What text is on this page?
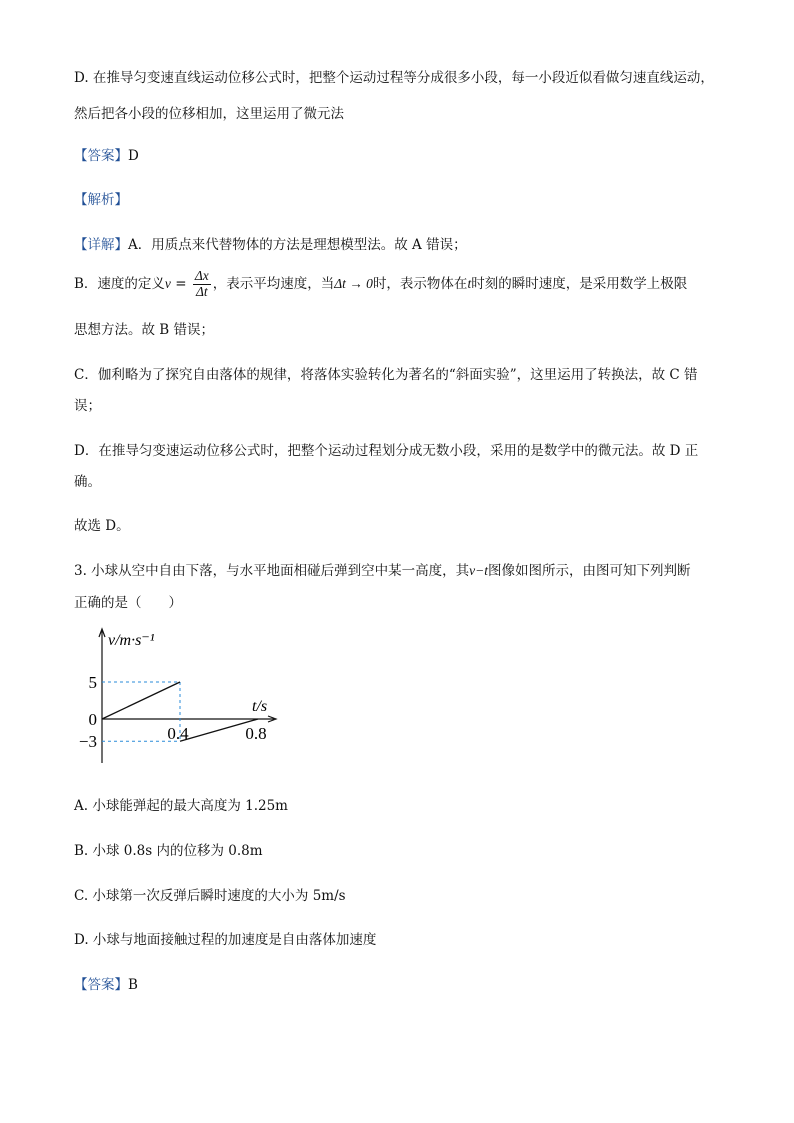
D. 在推导匀变速直线运动位移公式时，把整个运动过程等分成很多小段，每一小段近似看做匀速直线运动，
然后把各小段的位移相加，这里运用了微元法
【答案】D
【解析】
【详解】A．用质点来代替物体的方法是理想模型法。故 A 错误；
B．速度的定义$v = \frac{\Delta x}{\Delta t}$ ，表示平均速度，当Δt → 0时，表示物体在t时刻的瞬时速度，是采用数学上极限
思想方法。故 B 错误；
C．伽利略为了探究自由落体的规律，将落体实验转化为著名的“斜面实验”，这里运用了转换法，故 C 错
误；
D．在推导匀变速运动位移公式时，把整个运动过程划分成无数小段，采用的是数学中的微元法。故 D 正
确。
故选 D。
3. 小球从空中自由下落，与水平地面相碰后弹到空中某一高度，其v−t图像如图所示，由图可知下列判断
正确的是（　　）
5
0
−3	0.4	0.8
v/m·s⁻¹
t/s
A. 小球能弹起的最大高度为 1.25m
B. 小球 0.8s 内的位移为 0.8m
C. 小球第一次反弹后瞬时速度的大小为 5m/s
D. 小球与地面接触过程的加速度是自由落体加速度
【答案】B
